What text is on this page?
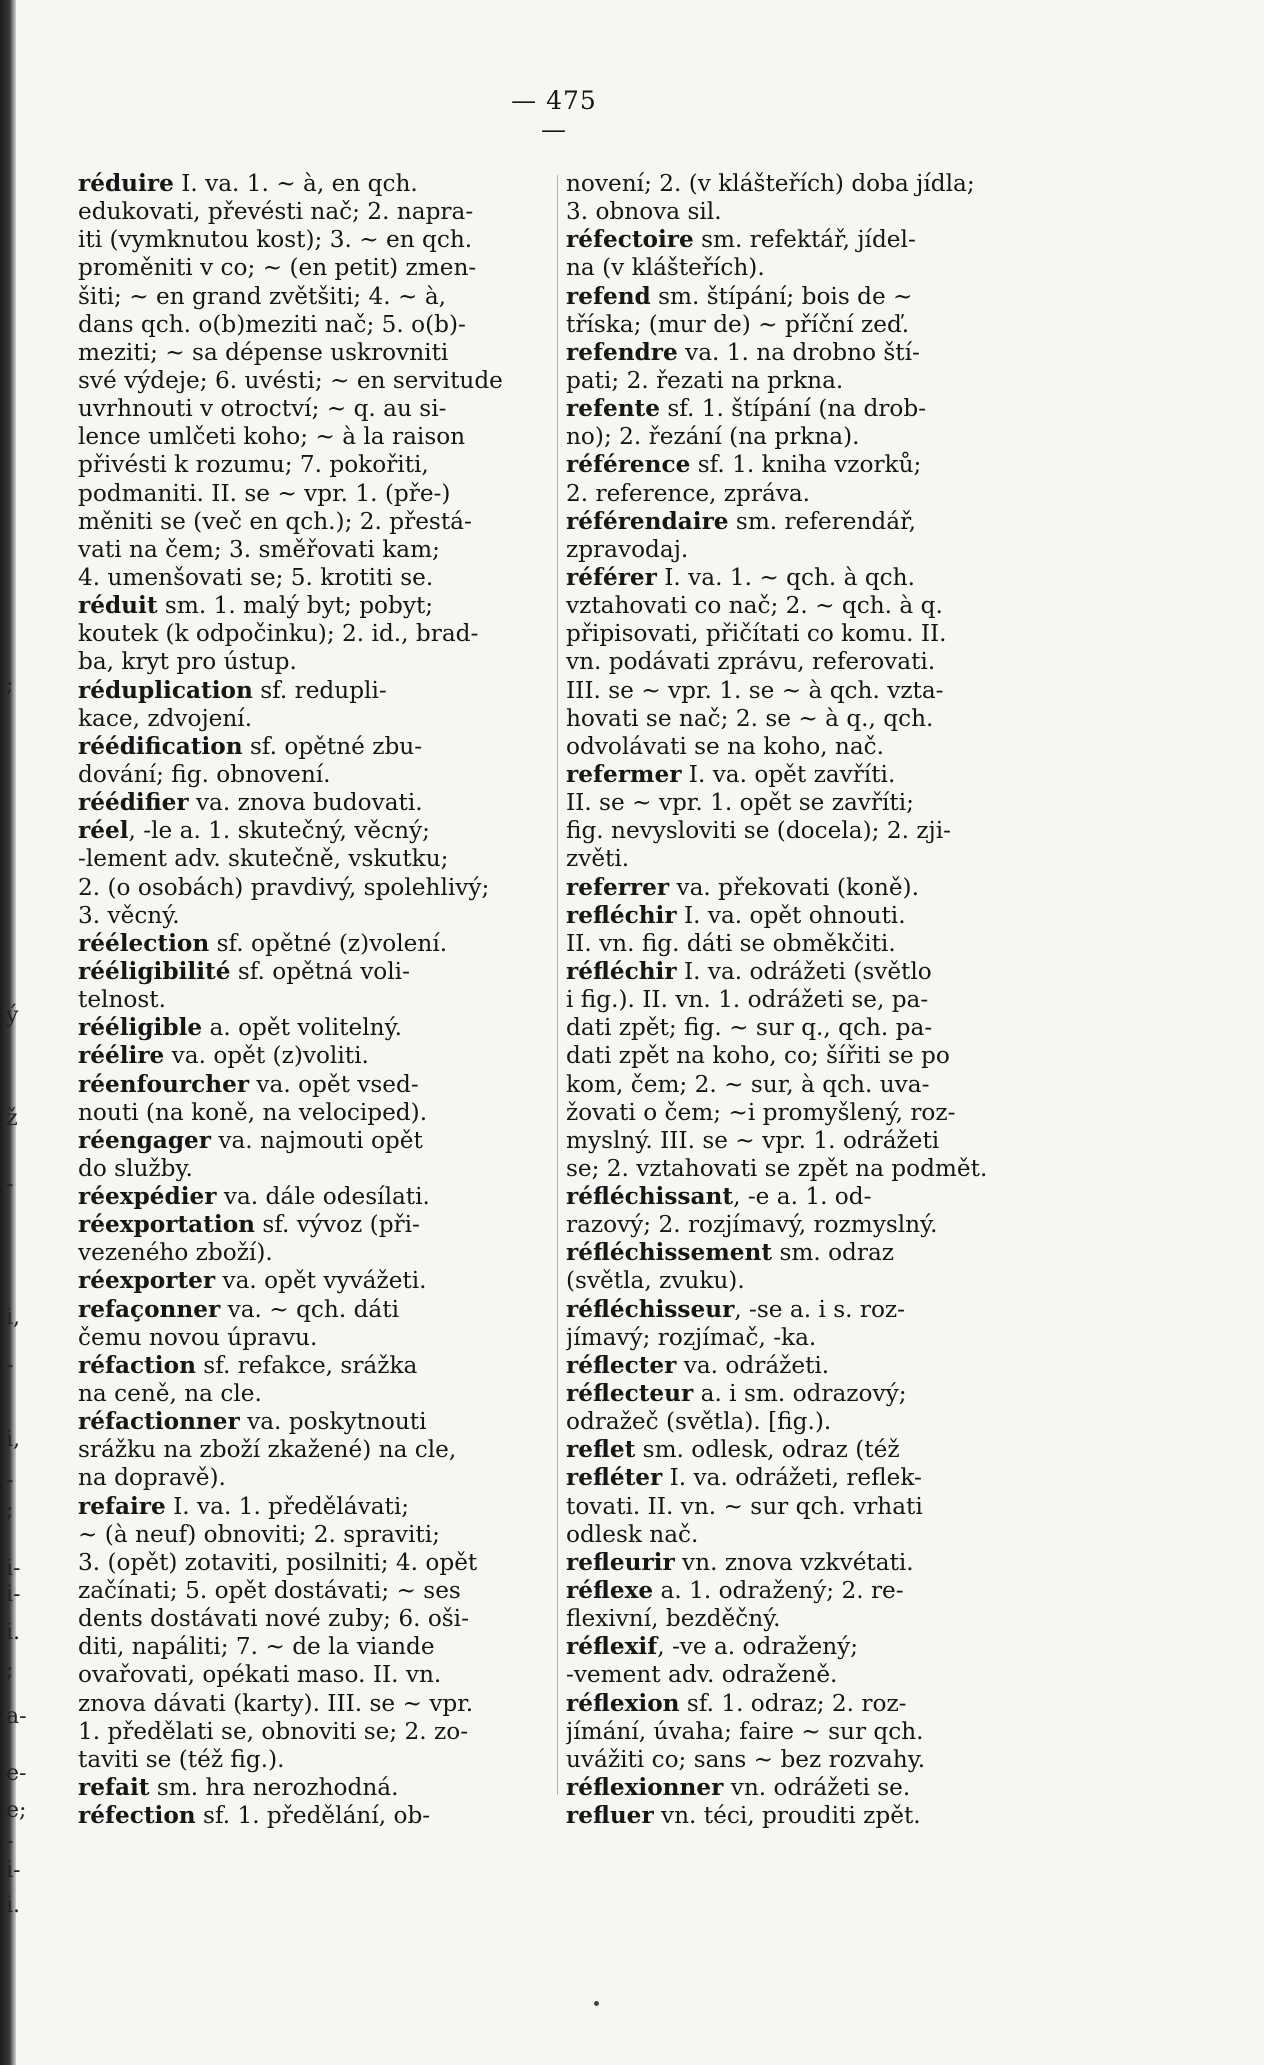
;
ý
ž
-
i,
-
i,
-
;
i-
i-
i.
;
a-
e-
e;
-
i-
i.
— 475 —
réduire I. va. 1. ~ à, en qch.
edukovati, převésti nač; 2. napra-
iti (vymknutou kost); 3. ~ en qch.
proměniti v co; ~ (en petit) zmen-
šiti; ~ en grand zvětšiti; 4. ~ à,
dans qch. o(b)meziti nač; 5. o(b)-
meziti; ~ sa dépense uskrovniti
své výdeje; 6. uvésti; ~ en servitude
uvrhnouti v otroctví; ~ q. au si-
lence umlčeti koho; ~ à la raison
přivésti k rozumu; 7. pokořiti,
podmaniti. II. se ~ vpr. 1. (pře-)
měniti se (več en qch.); 2. přestá-
vati na čem; 3. směřovati kam;
4. umenšovati se; 5. krotiti se.
réduit sm. 1. malý byt; pobyt;
koutek (k odpočinku); 2. id., brad-
ba, kryt pro ústup.
réduplication sf. redupli-
kace, zdvojení.
réédification sf. opětné zbu-
dování; fig. obnovení.
réédifier va. znova budovati.
réel, -le a. 1. skutečný, věcný;
-lement adv. skutečně, vskutku;
2. (o osobách) pravdivý, spolehlivý;
3. věcný.
réélection sf. opětné (z)volení.
rééligibilité sf. opětná voli-
telnost.
rééligible a. opět volitelný.
réélire va. opět (z)voliti.
réenfourcher va. opět vsed-
nouti (na koně, na velociped).
réengager va. najmouti opět
do služby.
réexpédier va. dále odesílati.
réexportation sf. vývoz (při-
vezeného zboží).
réexporter va. opět vyvážeti.
refaçonner va. ~ qch. dáti
čemu novou úpravu.
réfaction sf. refakce, srážka
na ceně, na cle.
réfactionner va. poskytnouti
srážku na zboží zkažené) na cle,
na dopravě).
refaire I. va. 1. předělávati;
~ (à neuf) obnoviti; 2. spraviti;
3. (opět) zotaviti, posilniti; 4. opět
začínati; 5. opět dostávati; ~ ses
dents dostávati nové zuby; 6. oši-
diti, napáliti; 7. ~ de la viande
ovařovati, opékati maso. II. vn.
znova dávati (karty). III. se ~ vpr.
1. předělati se, obnoviti se; 2. zo-
taviti se (též fig.).
refait sm. hra nerozhodná.
réfection sf. 1. předělání, ob-
novení; 2. (v klášteřích) doba jídla;
3. obnova sil.
réfectoire sm. refektář, jídel-
na (v klášteřích).
refend sm. štípání; bois de ~
tříska; (mur de) ~ příční zeď.
refendre va. 1. na drobno ští-
pati; 2. řezati na prkna.
refente sf. 1. štípání (na drob-
no); 2. řezání (na prkna).
référence sf. 1. kniha vzorků;
2. reference, zpráva.
référendaire sm. referendář,
zpravodaj.
référer I. va. 1. ~ qch. à qch.
vztahovati co nač; 2. ~ qch. à q.
připisovati, přičítati co komu. II.
vn. podávati zprávu, referovati.
III. se ~ vpr. 1. se ~ à qch. vzta-
hovati se nač; 2. se ~ à q., qch.
odvolávati se na koho, nač.
refermer I. va. opět zavříti.
II. se ~ vpr. 1. opět se zavříti;
fig. nevysloviti se (docela); 2. zji-
zvěti.
referrer va. překovati (koně).
refléchir I. va. opět ohnouti.
II. vn. fig. dáti se obměkčiti.
réfléchir I. va. odrážeti (světlo
i fig.). II. vn. 1. odrážeti se, pa-
dati zpět; fig. ~ sur q., qch. pa-
dati zpět na koho, co; šířiti se po
kom, čem; 2. ~ sur, à qch. uva-
žovati o čem; ~i promyšlený, roz-
myslný. III. se ~ vpr. 1. odrážeti
se; 2. vztahovati se zpět na podmět.
réfléchissant, -e a. 1. od-
razový; 2. rozjímavý, rozmyslný.
réfléchissement sm. odraz
(světla, zvuku).
réfléchisseur, -se a. i s. roz-
jímavý; rozjímač, -ka.
réflecter va. odrážeti.
réflecteur a. i sm. odrazový;
odražeč (světla). [fig.).
reflet sm. odlesk, odraz (též
refléter I. va. odrážeti, reflek-
tovati. II. vn. ~ sur qch. vrhati
odlesk nač.
refleurir vn. znova vzkvétati.
réflexe a. 1. odražený; 2. re-
flexivní, bezděčný.
réflexif, -ve a. odražený;
-vement adv. odraženě.
réflexion sf. 1. odraz; 2. roz-
jímání, úvaha; faire ~ sur qch.
uvážiti co; sans ~ bez rozvahy.
réflexionner vn. odrážeti se.
refluer vn. téci, prouditi zpět.
